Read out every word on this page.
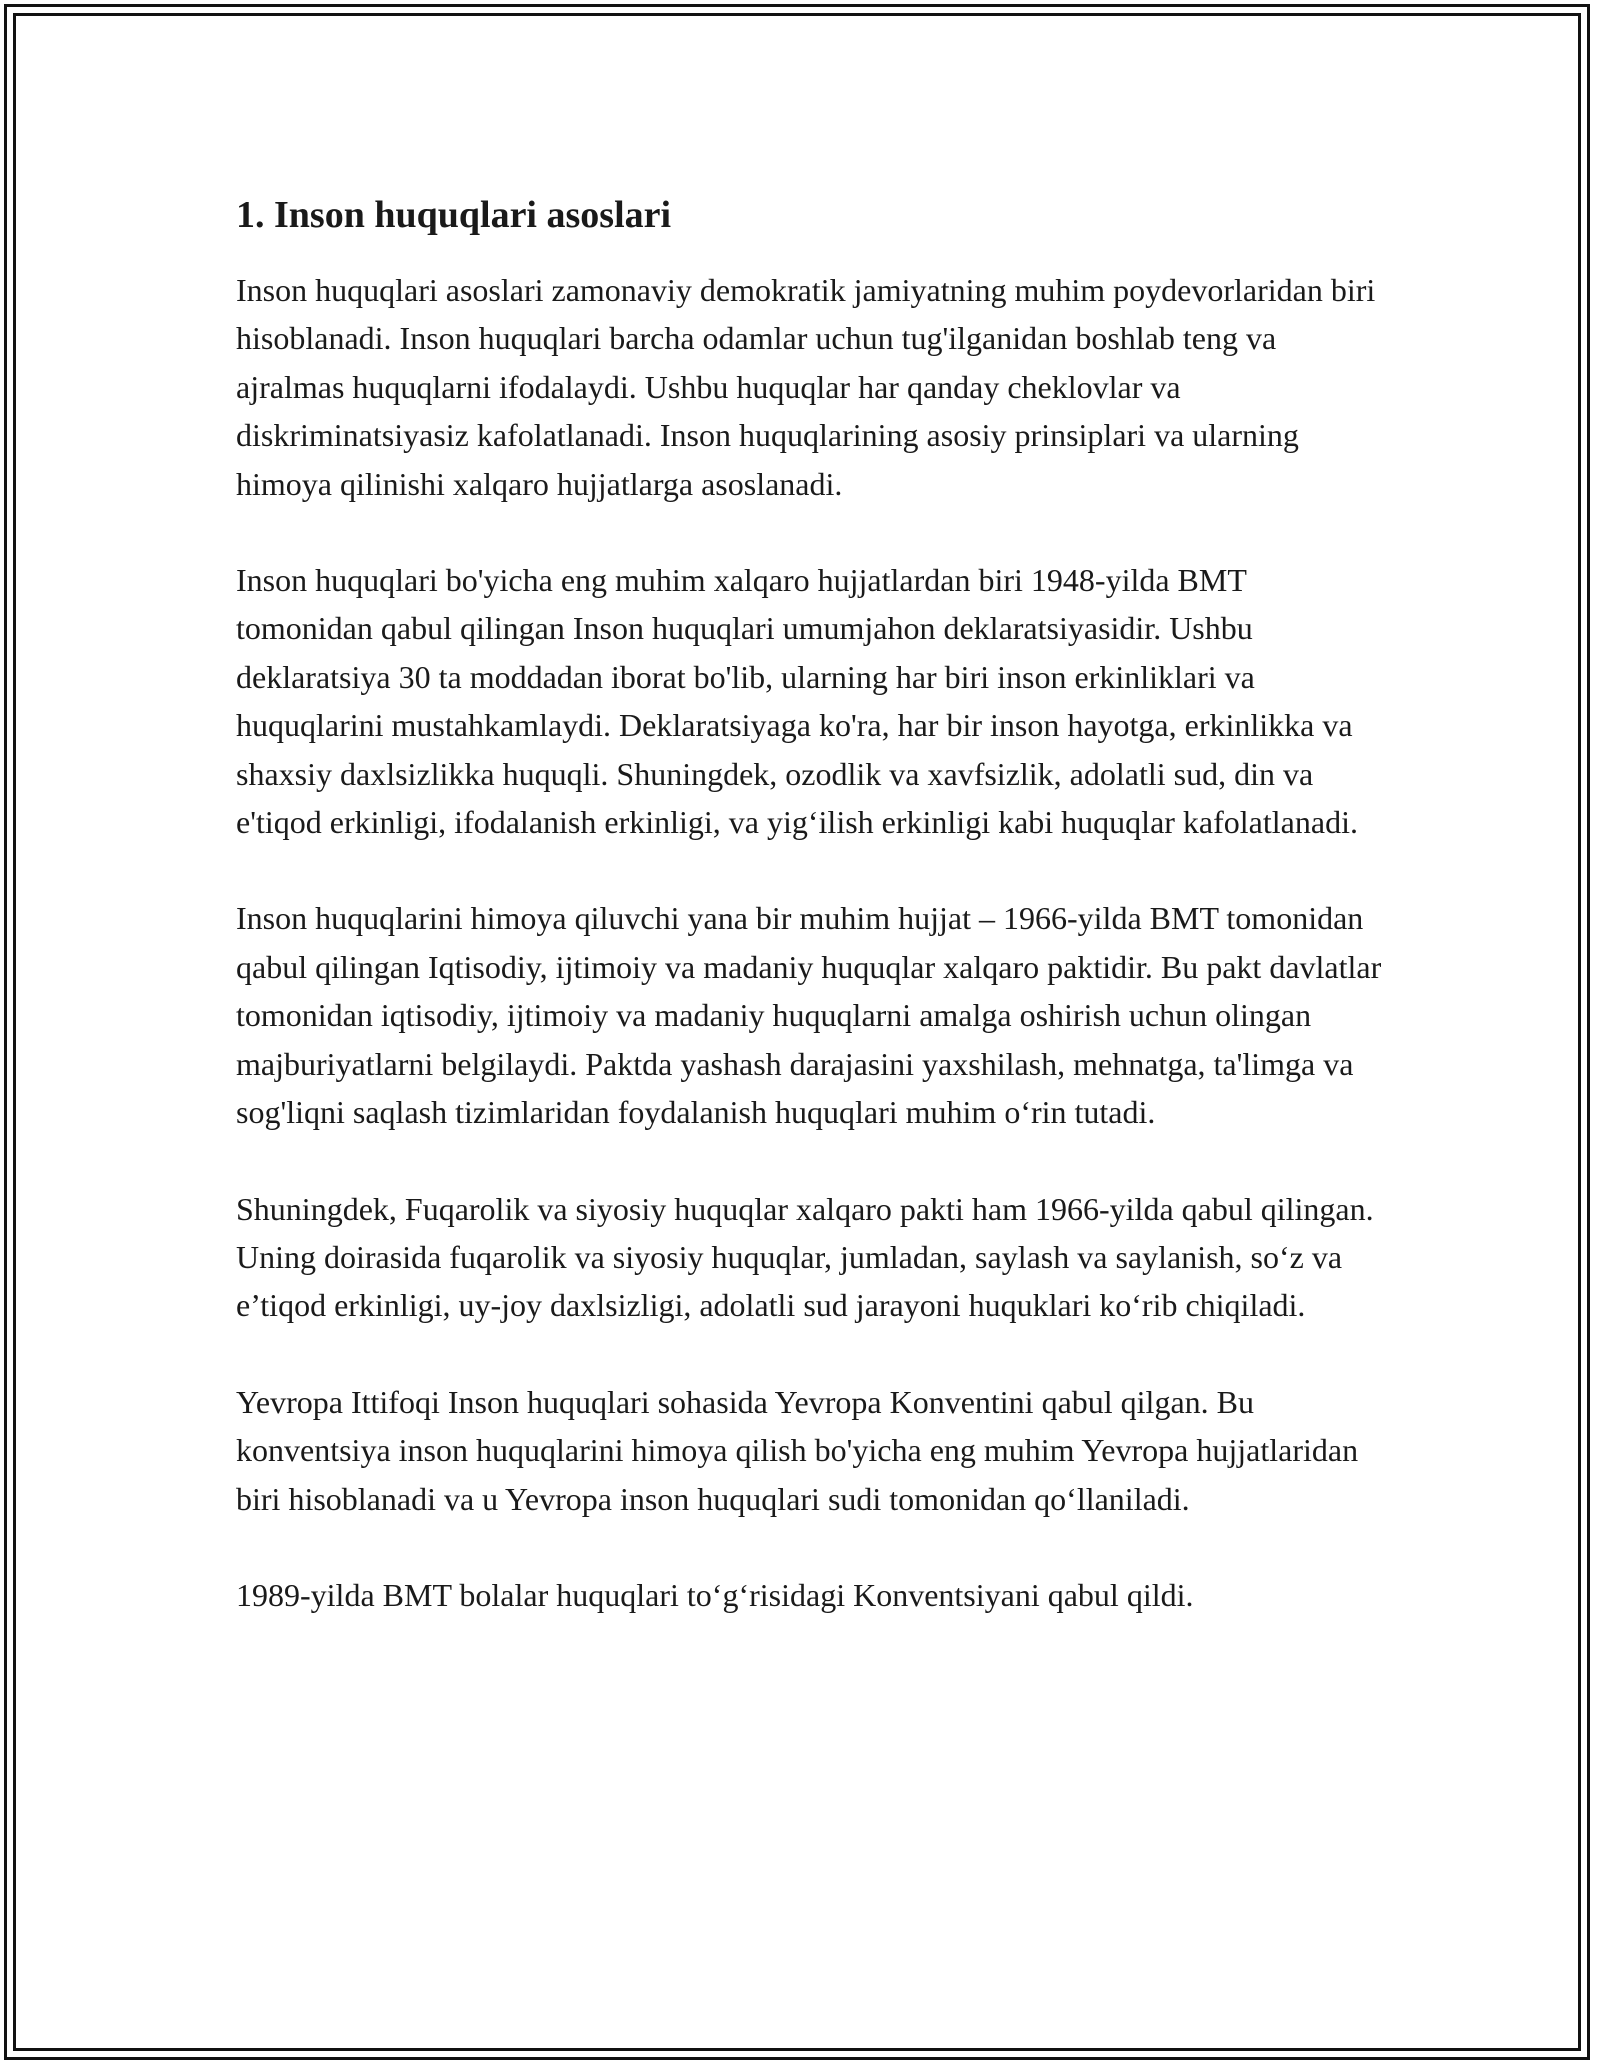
1. Inson huquqlari asoslari

Inson huquqlari asoslari zamonaviy demokratik jamiyatning muhim poydevorlaridan biri hisoblanadi. Inson huquqlari barcha odamlar uchun tug'ilganidan boshlab teng va ajralmas huquqlarni ifodalaydi. Ushbu huquqlar har qanday cheklovlar va diskriminatsiyasiz kafolatlanadi. Inson huquqlarining asosiy prinsiplari va ularning himoya qilinishi xalqaro hujjatlarga asoslanadi.

Inson huquqlari bo'yicha eng muhim xalqaro hujjatlardan biri 1948-yilda BMT tomonidan qabul qilingan Inson huquqlari umumjahon deklaratsiyasidir. Ushbu deklaratsiya 30 ta moddadan iborat bo'lib, ularning har biri inson erkinliklari va huquqlarini mustahkamlaydi. Deklaratsiyaga ko'ra, har bir inson hayotga, erkinlikka va shaxsiy daxlsizlikka huquqli. Shuningdek, ozodlik va xavfsizlik, adolatli sud, din va e'tiqod erkinligi, ifodalanish erkinligi, va yig‘ilish erkinligi kabi huquqlar kafolatlanadi.

Inson huquqlarini himoya qiluvchi yana bir muhim hujjat – 1966-yilda BMT tomonidan qabul qilingan Iqtisodiy, ijtimoiy va madaniy huquqlar xalqaro paktidir. Bu pakt davlatlar tomonidan iqtisodiy, ijtimoiy va madaniy huquqlarni amalga oshirish uchun olingan majburiyatlarni belgilaydi. Paktda yashash darajasini yaxshilash, mehnatga, ta'limga va sog'liqni saqlash tizimlaridan foydalanish huquqlari muhim o‘rin tutadi.

Shuningdek, Fuqarolik va siyosiy huquqlar xalqaro pakti ham 1966-yilda qabul qilingan. Uning doirasida fuqarolik va siyosiy huquqlar, jumladan, saylash va saylanish, so‘z va e’tiqod erkinligi, uy-joy daxlsizligi, adolatli sud jarayoni huquklari ko‘rib chiqiladi.

Yevropa Ittifoqi Inson huquqlari sohasida Yevropa Konventini qabul qilgan. Bu konventsiya inson huquqlarini himoya qilish bo'yicha eng muhim Yevropa hujjatlaridan biri hisoblanadi va u Yevropa inson huquqlari sudi tomonidan qo‘llaniladi.

1989-yilda BMT bolalar huquqlari to‘g‘risidagi Konventsiyani qabul qildi.
